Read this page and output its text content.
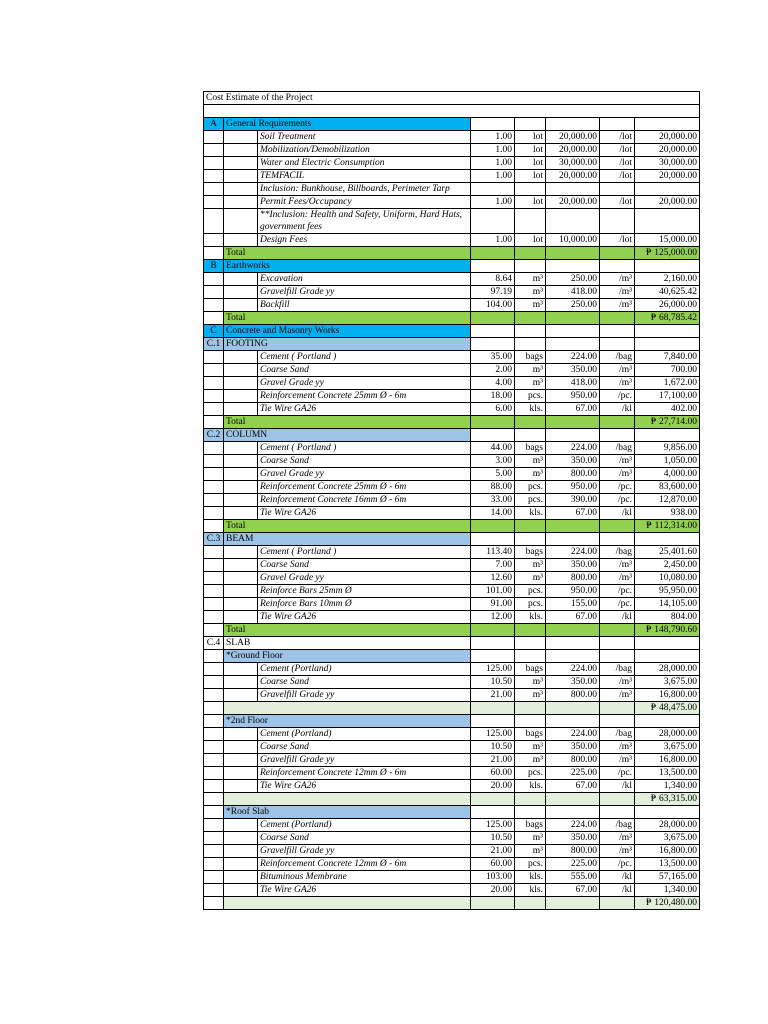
Cost Estimate of the Project							

A	General Requirements						
		Soil Treatment	1.00	lot	20,000.00	/lot	20,000.00
		Mobilization/Demobilization	1.00	lot	20,000.00	/lot	20,000.00
		Water and Electric Consumption	1.00	lot	30,000.00	/lot	30,000.00
		TEMFACIL	1.00	lot	20,000.00	/lot	20,000.00
		Inclusion: Bunkhouse, Billboards, Perimeter Tarp					
		Permit Fees/Occupancy	1.00	lot	20,000.00	/lot	20,000.00
		**Inclusion: Health and Safety, Uniform, Hard Hats, government fees					
		Design Fees	1.00	lot	10,000.00	/lot	15,000.00
	Total						₱ 125,000.00
B	Earthworks						
		Excavation	8.64	m³	250.00	/m³	2,160.00
		Gravelfill Grade yy	97.19	m³	418.00	/m³	40,625.42
		Backfill	104.00	m³	250.00	/m³	26,000.00
	Total						₱ 68,785.42
C	Concrete and Masonry Works						
C.1	FOOTING						
		Cement ( Portland )	35.00	bags	224.00	/bag	7,840.00
		Coarse Sand	2.00	m³	350.00	/m³	700.00
		Gravel Grade yy	4.00	m³	418.00	/m³	1,672.00
		Reinforcement Concrete 25mm Ø - 6m	18.00	pcs.	950.00	/pc.	17,100.00
		Tie Wire GA26	6.00	kls.	67.00	/kl	402.00
	Total						₱ 27,714.00
C.2	COLUMN						
		Cement ( Portland )	44.00	bags	224.00	/bag	9,856.00
		Coarse Sand	3.00	m³	350.00	/m³	1,050.00
		Gravel Grade yy	5.00	m³	800.00	/m³	4,000.00
		Reinforcement Concrete 25mm Ø - 6m	88.00	pcs.	950.00	/pc.	83,600.00
		Reinforcement Concrete 16mm Ø - 6m	33.00	pcs.	390.00	/pc.	12,870.00
		Tie Wire GA26	14.00	kls.	67.00	/kl	938.00
	Total						₱ 112,314.00
C.3	BEAM						
		Cement ( Portland )	113.40	bags	224.00	/bag	25,401.60
		Coarse Sand	7.00	m³	350.00	/m³	2,450.00
		Gravel Grade yy	12.60	m³	800.00	/m³	10,080.00
		Reinforce Bars 25mm Ø	101.00	pcs.	950.00	/pc.	95,950.00
		Reinforce Bars 10mm Ø	91.00	pcs.	155.00	/pc.	14,105.00
		Tie Wire GA26	12.00	kls.	67.00	/kl	804.00
	Total						₱ 148,790.60
C.4	SLAB						
	*Ground Floor						
		Cement (Portland)	125.00	bags	224.00	/bag	28,000.00
		Coarse Sand	10.50	m³	350.00	/m³	3,675.00
		Gravelfill Grade yy	21.00	m³	800.00	/m³	16,800.00
							₱ 48,475.00
	*2nd Floor						
		Cement (Portland)	125.00	bags	224.00	/bag	28,000.00
		Coarse Sand	10.50	m³	350.00	/m³	3,675.00
		Gravelfill Grade yy	21.00	m³	800.00	/m³	16,800.00
		Reinforcement Concrete 12mm Ø - 6m	60.00	pcs.	225.00	/pc.	13,500.00
		Tie Wire GA26	20.00	kls.	67.00	/kl	1,340.00
							₱ 63,315.00
	*Roof Slab						
		Cement (Portland)	125.00	bags	224.00	/bag	28,000.00
		Coarse Sand	10.50	m³	350.00	/m³	3,675.00
		Gravelfill Grade yy	21.00	m³	800.00	/m³	16,800.00
		Reinforcement Concrete 12mm Ø - 6m	60.00	pcs.	225.00	/pc.	13,500.00
		Bituminous Membrane	103.00	kls.	555.00	/kl	57,165.00
		Tie Wire GA26	20.00	kls.	67.00	/kl	1,340.00
							₱ 120,480.00
